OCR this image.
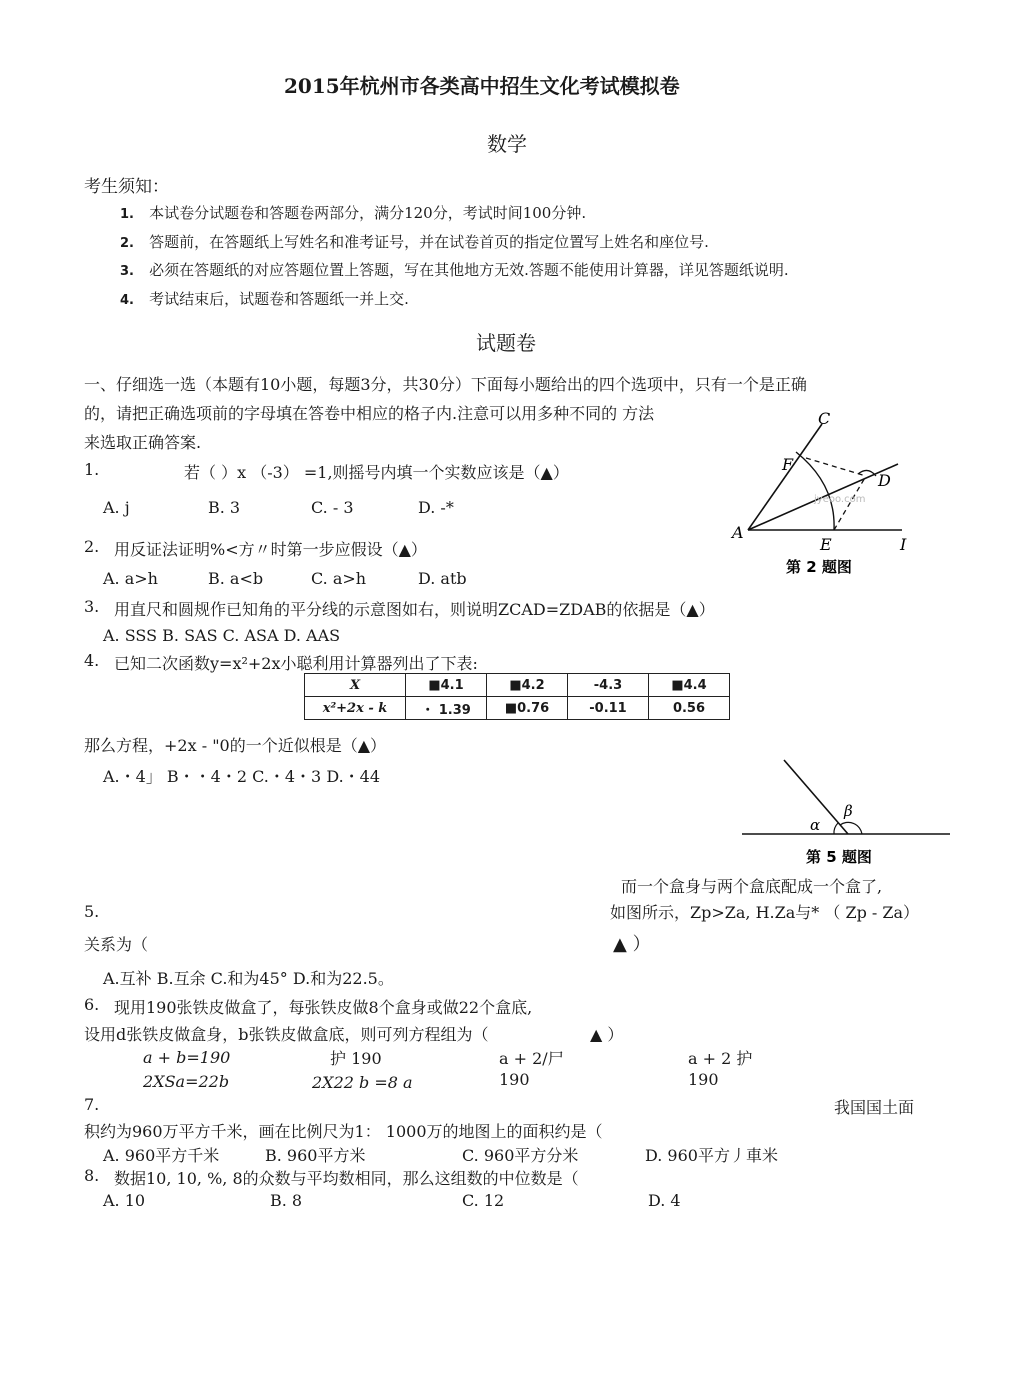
2015年杭州市各类高中招生文化考试模拟卷
数学
考生须知：
1. 本试卷分试题卷和答题卷两部分，满分120分，考试时间100分钟.
2. 答题前，在答题纸上写姓名和准考证号，并在试卷首页的指定位置写上姓名和座位号.
3. 必须在答题纸的对应答题位置上答题，写在其他地方无效.答题不能使用计算器，详见答题纸说明.
4. 考试结束后，试题卷和答题纸一并上交.
试题卷
一、仔细选一选（本题有10小题，每题3分，共30分）下面每小题给出的四个选项中，只有一个是正确
的，请把正确选项前的字母填在答卷中相应的格子内.注意可以用多种不同的 方法
来选取正确答案.
jyeoo.com
C
F
D
A
E	I
第 2 题图
1.	若（ ）x （-3） =1,则摇号内填一个实数应该是（▲）
A. j	B. 3	C. - 3	D. -*
2. 用反证法证明%<方〃时第一步应假设（▲）
A. a>h	B. a<b	C. a>h	D. atb
3. 用直尺和圆规作已知角的平分线的示意图如右，则说明ZCAD=ZDAB的依据是（▲）
A. SSS B. SAS C. ASA D. AAS
4. 已知二次函数y=x²+2x小聪利用计算器列出了下表:
X	■4.1	■4.2	-4.3	■4.4
x²+2x - k	・ 1.39	■0.76	-0.11	0.56
那么方程，+2x - "0的一个近似根是（▲）
A.・4」 B・・4・2 C.・4・3 D.・44
α
β
第 5 题图
而一个盒身与两个盒底配成一个盒了,
5.	如图所示，Zp>Za, H.Za与* （ Zp - Za）
关系为（	▲ ）
A.互补 B.互余 C.和为45° D.和为22.5。
6. 现用190张铁皮做盒了，每张铁皮做8个盒身或做22个盒底,
设用d张铁皮做盒身，b张铁皮做盒底，则可列方程组为（	▲ ）
a + b=190	护 190	a + 2/尸	a + 2 护
2XSa=22b	2X22 b =8 a	190	190
7.	我国国土面
积约为960万平方千米，画在比例尺为1： 1000万的地图上的面积约是（
A. 960平方千米	B. 960平方米	C. 960平方分米	D. 960平方丿車米
8. 数据10, 10, %, 8的众数与平均数相同，那么这组数的中位数是（
A. 10	B. 8	C. 12	D. 4
